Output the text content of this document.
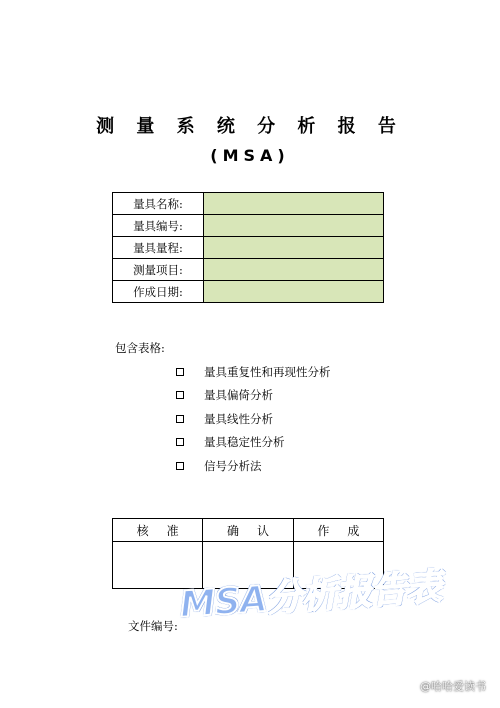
测 量 系 统 分 析 报 告
(MSA)
量具名称:	
量具编号:	
量具量程:	
测量项目:	
作成日期:	
包含表格:
量具重复性和再现性分析
量具偏倚分析
量具线性分析
量具稳定性分析
信号分析法
核准	确认	作成

文件编号:
MSA分析报告表
@哈哈爱读书
